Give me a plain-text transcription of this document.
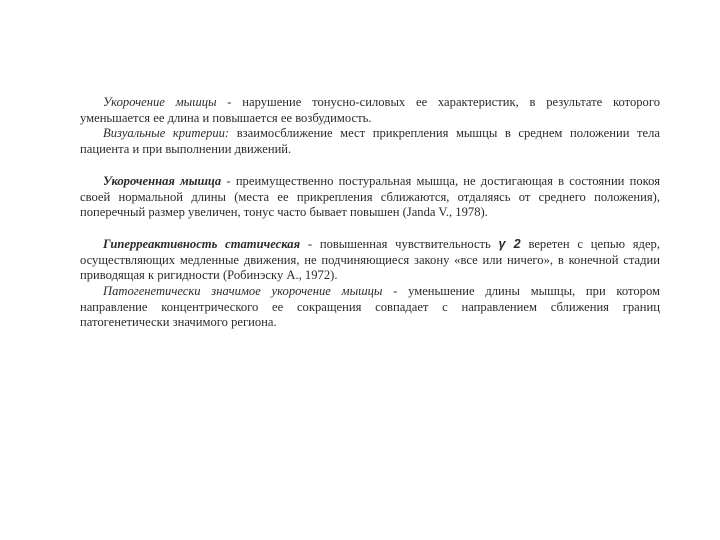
Укорочение мышцы - нарушение тонусно-силовых ее характеристик, в результате которого уменьшается ее длина и повышается ее возбудимость.

Визуальные критерии: взаимосближение мест прикрепления мышцы в среднем положении тела пациента и при выполнении движений.

Укороченная мышца - преимущественно постуральная мышца, не достигающая в состоянии покоя своей нормальной длины (места ее прикрепления сближаются, отдаляясь от среднего положения), поперечный размер увеличен, тонус часто бывает повышен (Janda V., 1978).

Гиперреактивность статическая - повышенная чувствительность γ 2 веретен с цепью ядер, осуществляющих медленные движения, не подчиняющиеся закону «все или ничего», в конечной стадии приводящая к ригидности (Робинэску А., 1972).

Патогенетически значимое укорочение мышцы - уменьшение длины мышцы, при котором направление концентрического ее сокращения совпадает с направлением сближения границ патогенетически значимого региона.
